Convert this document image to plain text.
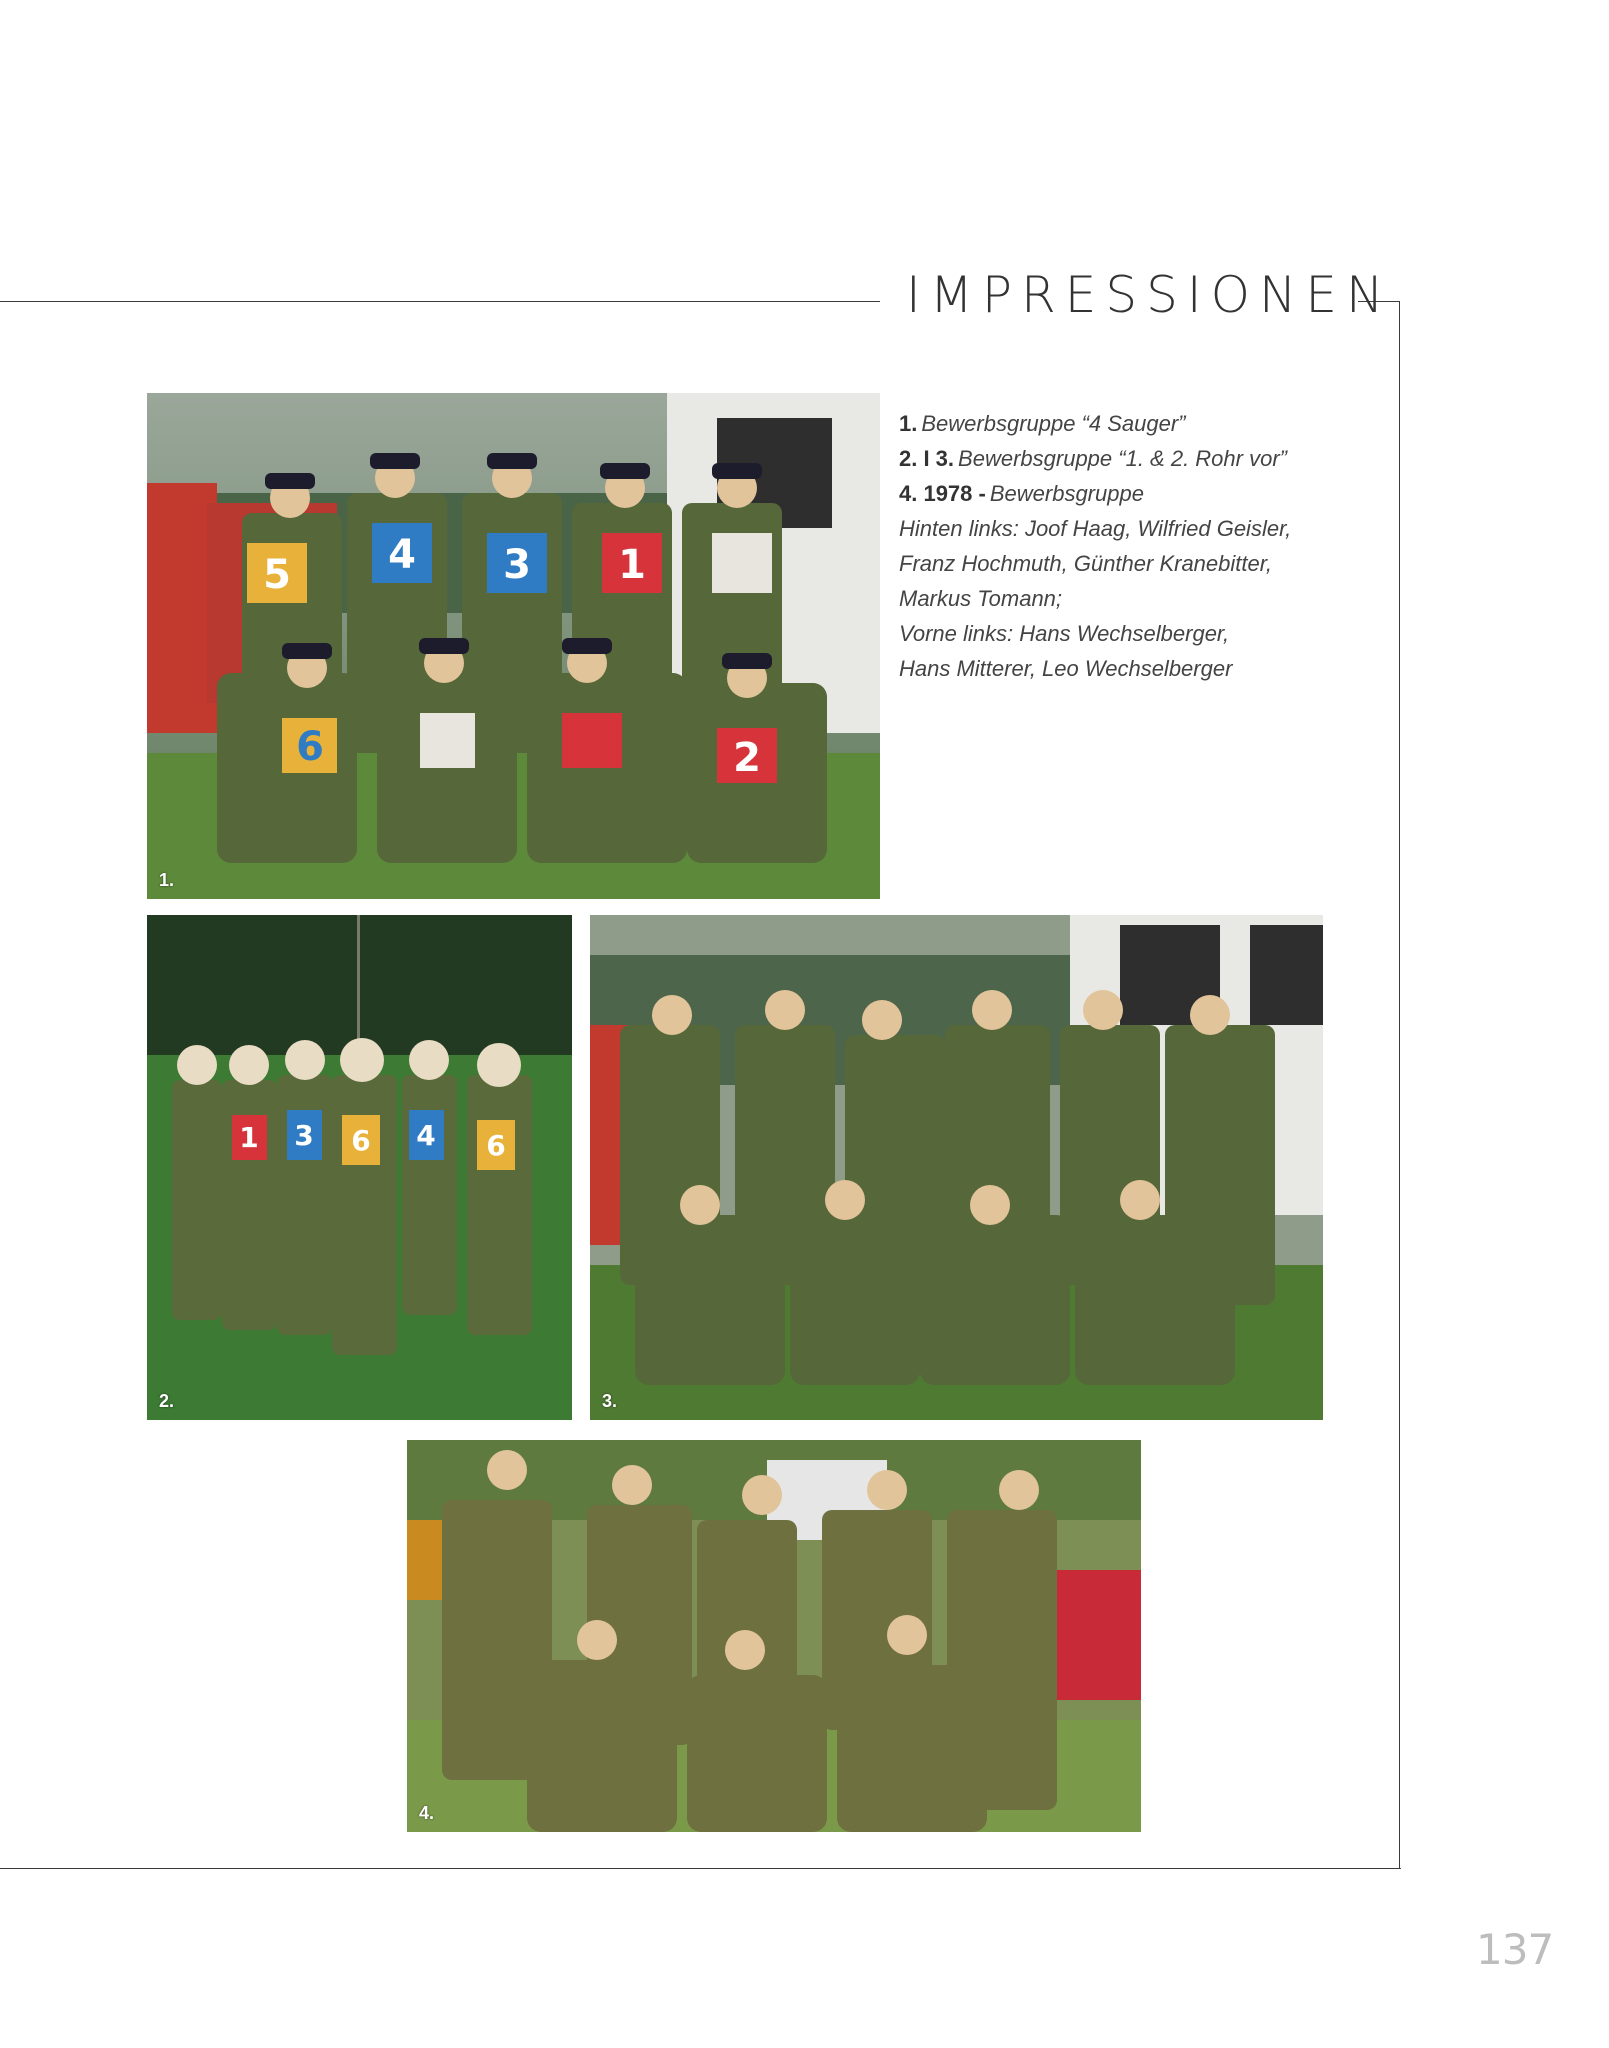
IMPRESSIONEN
1. Bewerbsgruppe “4 Sauger”
2. I 3. Bewerbsgruppe “1. & 2. Rohr vor”
4. 1978 - Bewerbsgruppe
Hinten links: Joof Haag, Wilfried Geisler,
Franz Hochmuth, Günther Kranebitter,
Markus Tomann;
Vorne links: Hans Wechselberger,
Hans Mitterer, Leo Wechselberger
5 4 3 1
6	2
1.
1 3 6 4 6
2.	3.
4.
137
